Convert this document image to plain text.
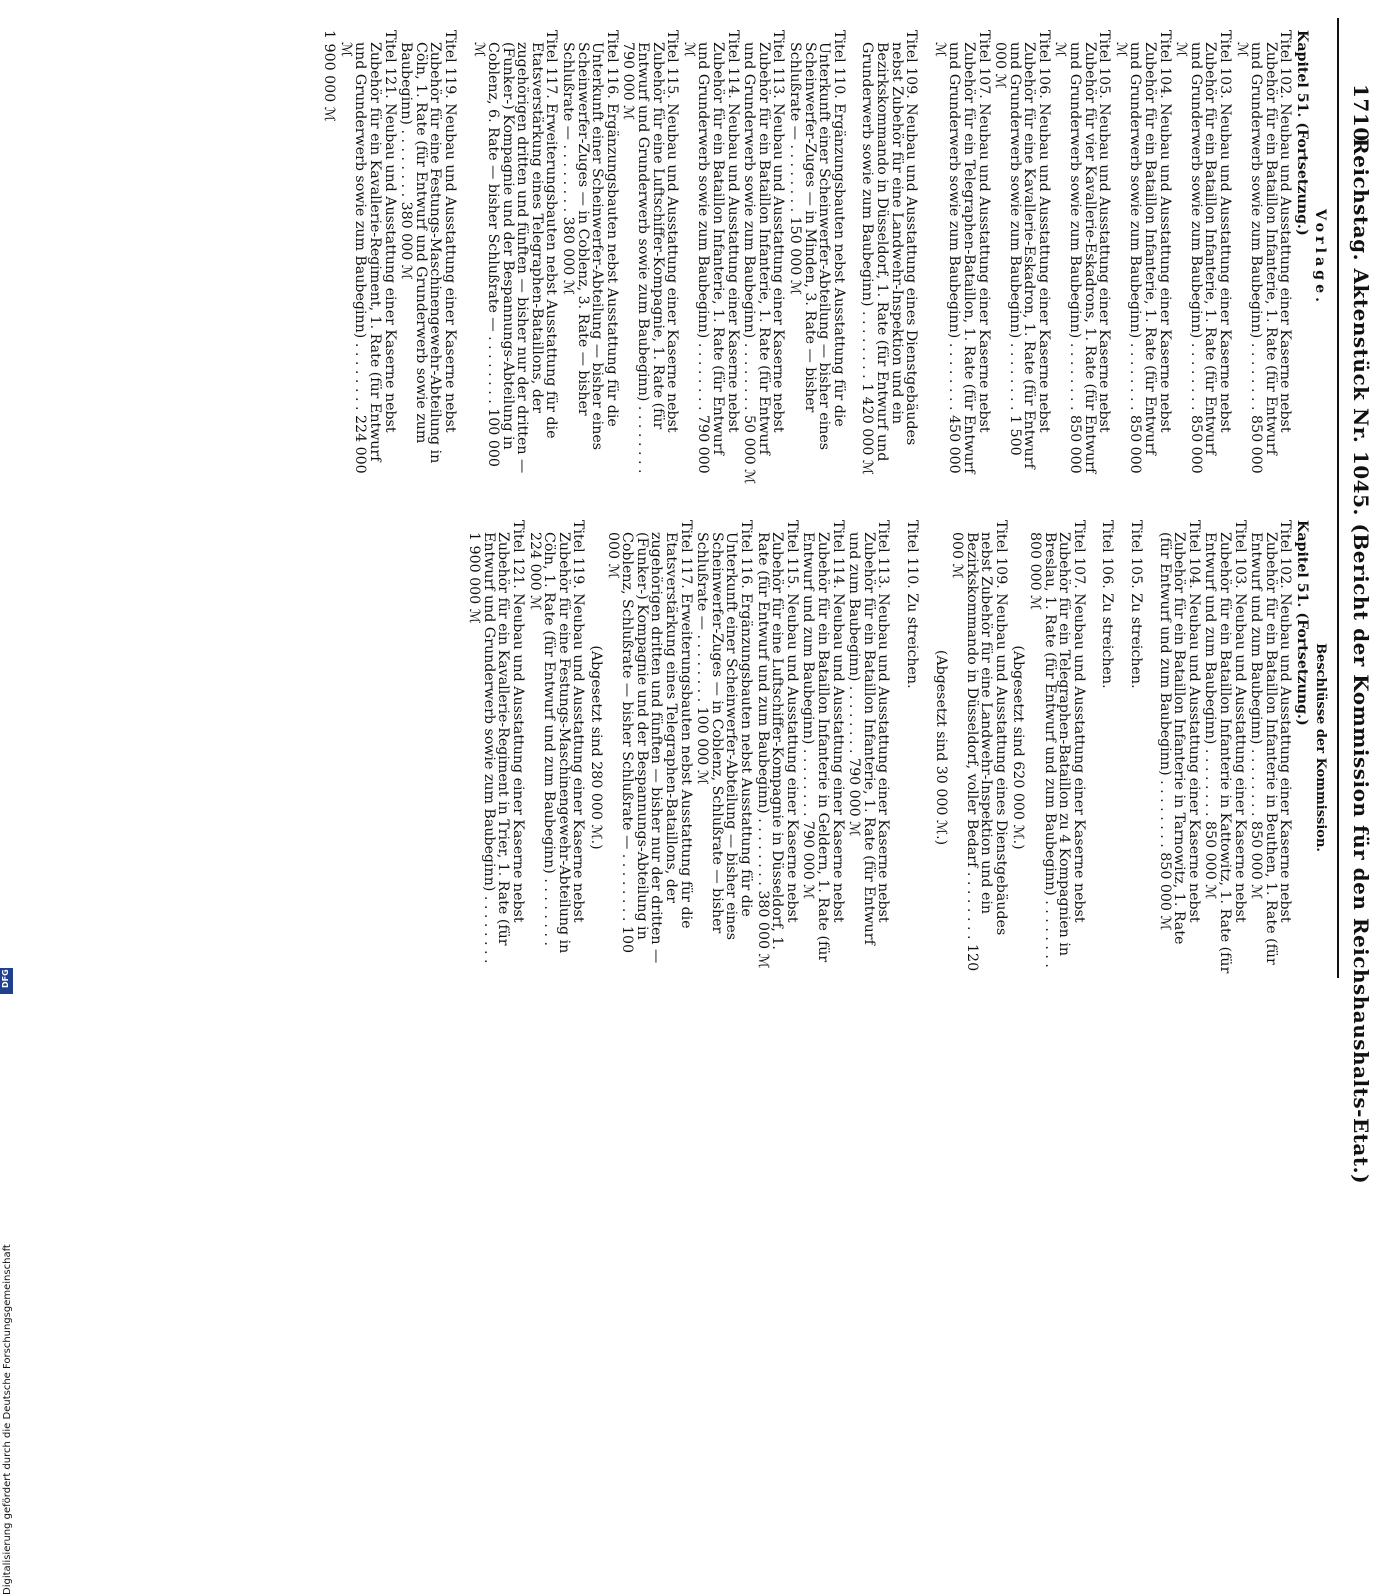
1710
Reichstag. Aktenstück Nr. 1045. (Bericht der Kommission für den Reichshaushalts-Etat.)
Vorlage.
Kapitel 51. (Fortsetzung.)
Titel 102. Neubau und Ausstattung einer Kaserne nebst Zubehör für ein Bataillon Infanterie, 1. Rate (für Entwurf und Grunderwerb sowie zum Baubeginn) . . . . . . . . 850 000 ℳ
Titel 103. Neubau und Ausstattung einer Kaserne nebst Zubehör für ein Bataillon Infanterie, 1. Rate (für Entwurf und Grunderwerb sowie zum Baubeginn) . . . . . . . . 850 000 ℳ
Titel 104. Neubau und Ausstattung einer Kaserne nebst Zubehör für ein Bataillon Infanterie, 1. Rate (für Entwurf und Grunderwerb sowie zum Baubeginn) . . . . . . . . 850 000 ℳ
Titel 105. Neubau und Ausstattung einer Kaserne nebst Zubehör für vier Kavallerie-Eskadrons, 1. Rate (für Entwurf und Grunderwerb sowie zum Baubeginn) . . . . . . . . 850 000 ℳ
Titel 106. Neubau und Ausstattung einer Kaserne nebst Zubehör für eine Kavallerie-Eskadron, 1. Rate (für Entwurf und Grunderwerb sowie zum Baubeginn) . . . . . . . . 1 500 000 ℳ
Titel 107. Neubau und Ausstattung einer Kaserne nebst Zubehör für ein Telegraphen-Bataillon, 1. Rate (für Entwurf und Grunderwerb sowie zum Baubeginn) . . . . . . . . 450 000 ℳ
Titel 109. Neubau und Ausstattung eines Dienstgebäudes nebst Zubehör für eine Landwehr-Inspektion und ein Bezirkskommando in Düsseldorf, 1. Rate (für Entwurf und Grunderwerb sowie zum Baubeginn) . . . . . . . . 1 420 000 ℳ
Titel 110. Ergänzungsbauten nebst Ausstattung für die Unterkunft einer Scheinwerfer-Abteilung — bisher eines Scheinwerfer-Zuges — in Minden, 3. Rate — bisher Schlußrate — . . . . . . . . 150 000 ℳ
Titel 113. Neubau und Ausstattung einer Kaserne nebst Zubehör für ein Bataillon Infanterie, 1. Rate (für Entwurf und Grunderwerb sowie zum Baubeginn) . . . . . . . . 50 000 ℳ
Titel 114. Neubau und Ausstattung einer Kaserne nebst Zubehör für ein Bataillon Infanterie, 1. Rate (für Entwurf und Grunderwerb sowie zum Baubeginn) . . . . . . . . 790 000 ℳ
Titel 115. Neubau und Ausstattung einer Kaserne nebst Zubehör für eine Luftschiffer-Kompagnie, 1. Rate (für Entwurf und Grunderwerb sowie zum Baubeginn) . . . . . . . . 790 000 ℳ
Titel 116. Ergänzungsbauten nebst Ausstattung für die Unterkunft einer Scheinwerfer-Abteilung — bisher eines Scheinwerfer-Zuges — in Coblenz, 3. Rate — bisher Schlußrate — . . . . . . . . 380 000 ℳ
Titel 117. Erweiterungsbauten nebst Ausstattung für die Etatsverstärkung eines Telegraphen-Bataillons, der zugehörigen dritten und fünften — bisher nur der dritten — (Funker-) Kompagnie und der Bespannungs-Abteilung in Coblenz, 6. Rate — bisher Schlußrate — . . . . . . . . 100 000 ℳ
Titel 119. Neubau und Ausstattung einer Kaserne nebst Zubehör für eine Festungs-Maschinengewehr-Abteilung in Cöln, 1. Rate (für Entwurf und Grunderwerb sowie zum Baubeginn) . . . . . . . . 380 000 ℳ
Titel 121. Neubau und Ausstattung einer Kaserne nebst Zubehör für ein Kavallerie-Regiment, 1. Rate (für Entwurf und Grunderwerb sowie zum Baubeginn) . . . . . . . . 224 000 ℳ
1 900 000 ℳ
Beschlüsse der Kommission.
Kapitel 51. (Fortsetzung.)
Titel 102. Neubau und Ausstattung einer Kaserne nebst Zubehör für ein Bataillon Infanterie in Beuthen, 1. Rate (für Entwurf und zum Baubeginn) . . . . . . . . 850 000 ℳ
Titel 103. Neubau und Ausstattung einer Kaserne nebst Zubehör für ein Bataillon Infanterie in Kattowitz, 1. Rate (für Entwurf und zum Baubeginn) . . . . . . . . 850 000 ℳ
Titel 104. Neubau und Ausstattung einer Kaserne nebst Zubehör für ein Bataillon Infanterie in Tarnowitz, 1. Rate (für Entwurf und zum Baubeginn) . . . . . . . . 850 000 ℳ
Titel 105. Zu streichen.
Titel 106. Zu streichen.
Titel 107. Neubau und Ausstattung einer Kaserne nebst Zubehör für ein Telegraphen-Bataillon zu 4 Kompagnien in Breslau, 1. Rate (für Entwurf und zum Baubeginn) . . . . . . . . 800 000 ℳ
(Abgesetzt sind 620 000 ℳ.)
Titel 109. Neubau und Ausstattung eines Dienstgebäudes nebst Zubehör für eine Landwehr-Inspektion und ein Bezirkskommando in Düsseldorf, voller Bedarf . . . . . . . . 120 000 ℳ
(Abgesetzt sind 30 000 ℳ.)
Titel 110. Zu streichen.
Titel 113. Neubau und Ausstattung einer Kaserne nebst Zubehör für ein Bataillon Infanterie, 1. Rate (für Entwurf und zum Baubeginn) . . . . . . . . 790 000 ℳ
Titel 114. Neubau und Ausstattung einer Kaserne nebst Zubehör für ein Bataillon Infanterie in Geldern, 1. Rate (für Entwurf und zum Baubeginn) . . . . . . . . 790 000 ℳ
Titel 115. Neubau und Ausstattung einer Kaserne nebst Zubehör für eine Luftschiffer-Kompagnie in Düsseldorf, 1. Rate (für Entwurf und zum Baubeginn) . . . . . . . . 380 000 ℳ
Titel 116. Ergänzungsbauten nebst Ausstattung für die Unterkunft einer Scheinwerfer-Abteilung — bisher eines Scheinwerfer-Zuges — in Coblenz, Schlußrate — bisher Schlußrate — . . . . . . . . 100 000 ℳ
Titel 117. Erweiterungsbauten nebst Ausstattung für die Etatsverstärkung eines Telegraphen-Bataillons, der zugehörigen dritten und fünften — bisher nur der dritten — (Funker-) Kompagnie und der Bespannungs-Abteilung in Coblenz, Schlußrate — bisher Schlußrate — . . . . . . . . 100 000 ℳ
(Abgesetzt sind 280 000 ℳ.)
Titel 119. Neubau und Ausstattung einer Kaserne nebst Zubehör für eine Festungs-Maschinengewehr-Abteilung in Cöln, 1. Rate (für Entwurf und zum Baubeginn) . . . . . . . . 224 000 ℳ
Titel 121. Neubau und Ausstattung einer Kaserne nebst Zubehör für ein Kavallerie-Regiment in Trier, 1. Rate (für Entwurf und Grunderwerb sowie zum Baubeginn) . . . . . . . . 1 900 000 ℳ
Digitalisierung gefördert durch die Deutsche Forschungsgemeinschaft
DFG
